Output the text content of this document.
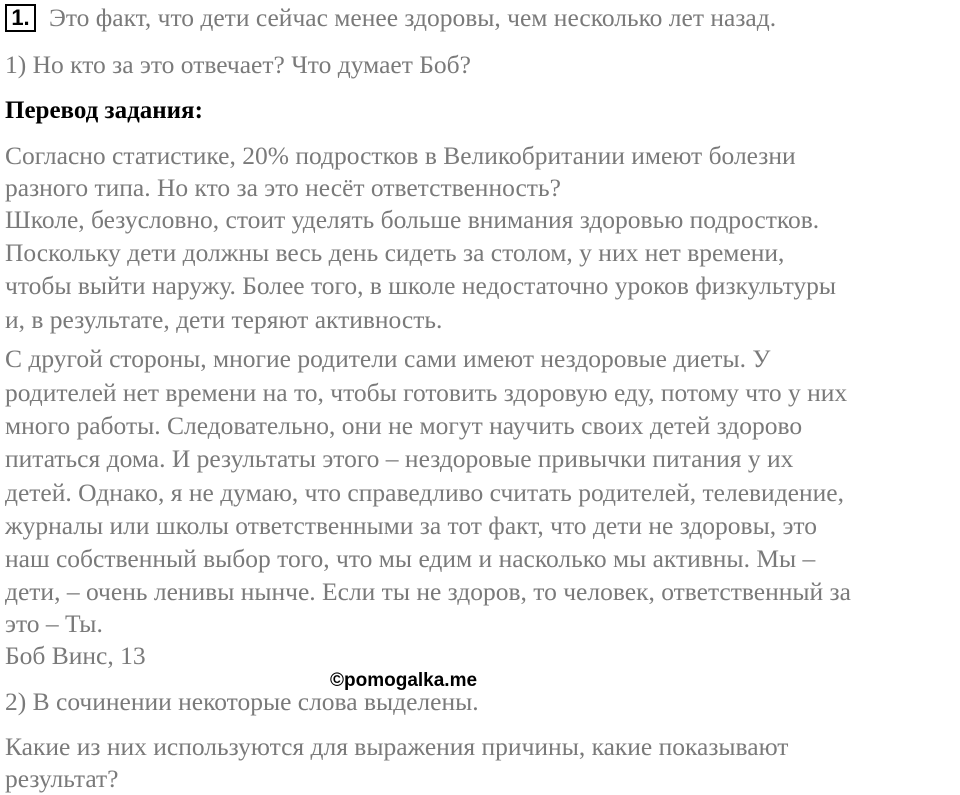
1. Это факт, что дети сейчас менее здоровы, чем несколько лет назад.
1) Но кто за это отвечает? Что думает Боб?
Перевод задания:
Согласно статистике, 20% подростков в Великобритании имеют болезни
разного типа. Но кто за это несёт ответственность?
Школе, безусловно, стоит уделять больше внимания здоровью подростков.
Поскольку дети должны весь день сидеть за столом, у них нет времени,
чтобы выйти наружу. Более того, в школе недостаточно уроков физкультуры
и, в результате, дети теряют активность.
С другой стороны, многие родители сами имеют нездоровые диеты. У
родителей нет времени на то, чтобы готовить здоровую еду, потому что у них
много работы. Следовательно, они не могут научить своих детей здорово
питаться дома. И результаты этого – нездоровые привычки питания у их
детей. Однако, я не думаю, что справедливо считать родителей, телевидение,
журналы или школы ответственными за тот факт, что дети не здоровы, это
наш собственный выбор того, что мы едим и насколько мы активны. Мы –
дети, – очень ленивы нынче. Если ты не здоров, то человек, ответственный за
это – Ты.
Боб Винс, 13
2) В сочинении некоторые слова выделены.
Какие из них используются для выражения причины, какие показывают
результат?
©pomogalka.me
